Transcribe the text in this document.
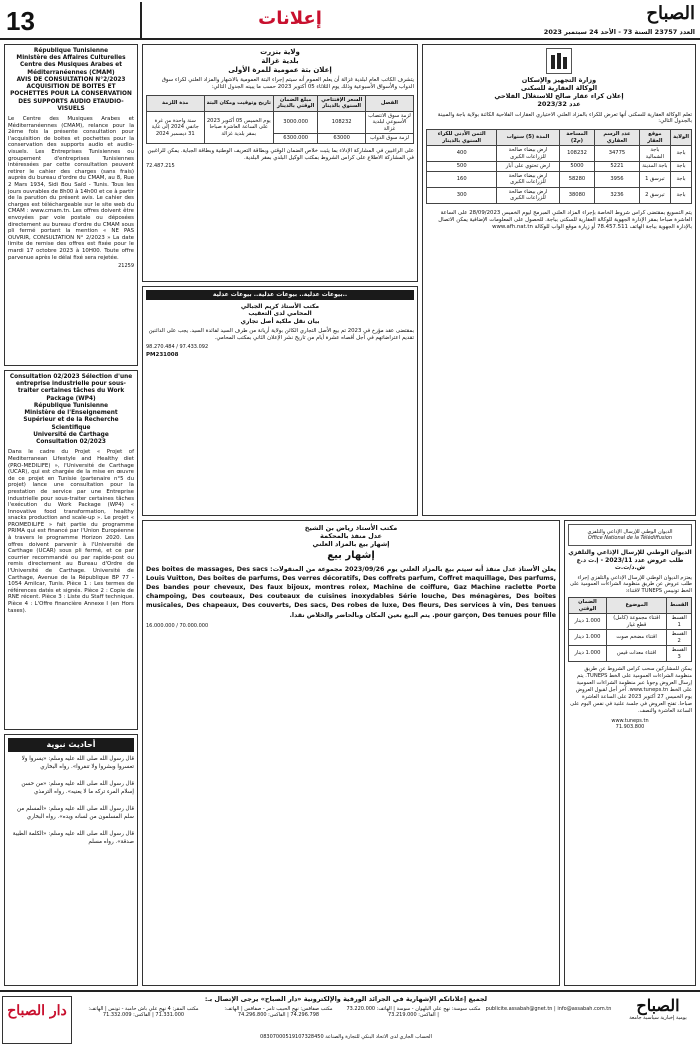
13	إعلانات	الصباح
العدد 23757 السنة 73 - الأحد 24 سبتمبر 2023
République Tunisienne
Ministère des Affaires Culturelles
Centre des Musiques Arabes et Méditerranéennes (CMAM)
AVIS DE CONSULTATION N°2/2023
ACQUISITION DE BOITES ET POCHETTES POUR LA CONSERVATION DES SUPPORTS AUDIO ETAUDIO-VISUELS
Le Centre des Musiques Arabes et Méditerranéennes (CMAM), relance pour la 2ème fois la présente consultation pour l'acquisition de boites et pochettes pour la conservation des supports audio et audio-visuels. Les Entreprises Tunisiennes ou groupement d'entreprises Tunisiennes intéressées par cette consultation peuvent retirer le cahier des charges (sans frais) auprès du bureau d'ordre du CMAM, au 8, Rue 2 Mars 1934, Sidi Bou Saïd - Tunis. Tous les jours ouvrables de 8h00 à 14h00 et ce à partir de la parution du présent avis. Le cahier des charges est téléchargeable sur le site web du CMAM : www.cmam.tn. Les offres doivent être envoyées par voie postale ou déposées directement au bureau d'ordre du CMAM sous pli fermé portant la mention « NE PAS OUVRIR, CONSULTATION N° 2/2023 » La date limite de remise des offres est fixée pour le mardi 17 octobre 2023 à 10H00. Toute offre parvenue après le délai fixé sera rejetée.
21259
Consultation 02/2023 Sélection d'une entreprise industrielle pour sous-traiter certaines tâches du Work Package (WP4)
République Tunisienne
Ministère de l'Enseignement Supérieur et de la Recherche Scientifique
Université de Carthage
Consultation 02/2023
Dans le cadre du Projet « Projet of Mediterranean Lifestyle and Healthy diet (PRO-MEDILIFE) », l'Université de Carthage (UCAR), qui est chargée de la mise en œuvre de ce projet en Tunisie (partenaire n°5 du projet) lance une consultation pour la prestation de service par une Entreprise industrielle pour sous-traiter certaines tâches l'exécution du Work Package (WP4) « Innovative food transformation, healthy snacks production and scale-up ». Le projet « PROMEDILIFE » fait partie du programme PRIMA qui est financé par l'Union Européenne à travers le programme Horizon 2020. Les offres doivent parvenir à l'Université de Carthage (UCAR) sous pli fermé, et ce par courrier recommandé ou par rapide-post ou remis directement au Bureau d'Ordre de l'Université de Carthage. Université de Carthage, Avenue de la République BP 77 - 1054 Amilcar, Tunis. Pièce 1 : Les termes de références datés et signés. Pièce 2 : Copie de RNE récent. Pièce 3 : Liste du Staff technique. Pièce 4 : L'Offre financière Annexe I (en Hors taxes).
أحاديث نبوية

قال رسول الله صلى الله عليه وسلم: «يسروا ولا تعسروا وبشروا ولا تنفروا». رواه البخاري

قال رسول الله صلى الله عليه وسلم: «من حسن إسلام المرء تركه ما لا يعنيه». رواه الترمذي

قال رسول الله صلى الله عليه وسلم: «المسلم من سلم المسلمون من لسانه ويده». رواه البخاري

قال رسول الله صلى الله عليه وسلم: «الكلمة الطيبة صدقة». رواه مسلم

ولاية بنزرت
بلدية غزالة
إعلان بتة عمومية للمرة الأولى
يتشرف الكاتب العام لبلدية غزالة أن يعلم العموم أنه سيتم إجراء البتة العمومية بالاشهار والمزاد العلني لكراء سوق الدواب والأسواق الأسبوعية وذلك يوم الثلاثاء 05 أكتوبر 2023 حسب ما يبينه الجدول التالي:
الفصل	السعر الإفتتاحي السنوي بالدينار	مبلغ الضمان الوقتي بالدينار	تاريخ وتوقيت ومكان البتة	مدة اللزمة
لزمة سوق الانتصاب الأسبوعي لبلدية غزالة	108232	3000.000	يوم الخميس 05 أكتوبر 2023 على الساعة العاشرة صباحا بمقر بلدية غزالة	سنة واحدة من غرة جانفي 2024 إلى غاية 31 ديسمبر 2024
لزمة سوق الدواب	63000	6300.000		
على الراغبين في المشاركة الإدلاء بما يثبت خلاص الضمان الوقتي وبطاقة التعريف الوطنية وبطاقة الجباية. يمكن للراغبين في المشاركة الاطلاع على كراس الشروط بمكتب الوكيل البلدي بمقر البلدية.
72.487.215
بيوعات عدلية.. بيوعات عدلية.. بيوعات عدلية..
مكتب الأستاذ كريم الجبالي
المحامي لدى التعقيب
بيان نقل ملكية أصل تجاري
بمقتضى عقد مؤرخ في 2023 تم بيع الأصل التجاري الكائن بولاية أريانة من طرف السيد لفائدة السيد. يجب على الدائنين تقديم اعتراضاتهم في أجل أقصاه عشرة أيام من تاريخ نشر الإعلان الثاني بمكتب المحامي.
98.270.484 / 97.433.092
PM231008
مكتب الأستاذ رياض بن الشيخ
عدل منفذ بالمحكمة
إشهار بيع بالمزاد العلني
إشهار بيع
يعلن الأستاذ عدل منفذ أنه سيتم بيع بالمزاد العلني يوم 2023/09/26 مجموعة من المنقولات: Des boites de massages, Des sacs Louis Vuitton, Des boites de parfums, Des verres décoratifs, Des coffrets parfum, Coffret maquillage, Des parfums, Des bandes pour cheveux, Des faux bijoux, montres rolex, Machine de coiffure, Gaz Machine raclette Porte champoing, Des couteaux, Des couteaux de cuisines inoxydables Série louche, Des ménagères, Des boites musicales, Des chapeaux, Des couverts, Des sacs, Des robes de luxe, Des fleurs, Des services à vin, Des tenues pour garçon, Des tenues pour fille. يتم البيع بعين المكان وبالحاضر والخلاص نقدا.
16.000.000 / 70.000.000
وزارة التجهيز والإسكان
الوكالة العقارية للسكنى
إعلان كراء عقار صالح للاستغلال الفلاحي
عدد 2023/32
تعلم الوكالة العقارية للسكنى أنها تعرض للكراء بالمزاد العلني الاختياري العقارات الفلاحية الكائنة بولاية باجة والمبينة بالجدول التالي:
الولاية	موقع العقار	عدد الرسم العقاري	المساحة (م2)	المدة (5) سنوات	الثمن الأدنى للكراء السنوي بالدينار
باجة	باجة الشمالية	34775	108232	ارض بيضاء صالحة للزراعات الكبرى	400
باجة	باجة المدينة	5221	5000	ارض تحتوي على آبار	500
باجة	تبرسق 1	3956	58280	ارض بيضاء صالحة للزراعات الكبرى	160
باجة	تبرسق 2	3236	38080	ارض بيضاء صالحة للزراعات الكبرى	300
يتم التسويغ بمقتضى كراس شروط الخاصة بإجراء المزاد العلني المبرمج ليوم الخميس 28/09/2023 على الساعة العاشرة صباحا بمقر الإدارة الجهوية للوكالة العقارية للسكنى بباجة. للحصول على المعلومات الإضافية يمكن الاتصال بالإدارة الجهوية بباجة الهاتف 78.457.511 أو زيارة موقع الواب للوكالة www.afh.nat.tn
الديوان الوطني للإرسال الإذاعي والتلفزي
Office National de la Télédiffusion
الديوان الوطني للإرسال الإذاعي والتلفزي
طلب عروض عدد 2023/11 - إ.ت د.ع ش.د/ت.ت
يعتزم الديوان الوطني للإرسال الإذاعي والتلفزي إجراء طلب عروض عن طريق منظومة الشراءات العمومية على الخط تونيبس TUNEPS لاقتناء:
القسط	الموضوع	الضمان الوقتي
القسط 1	اقتناء مجموعة (كامل) قطع غيار	1.000 دينار
القسط 2	اقتناء مضخم صوت	1.000 دينار
القسط 3	اقتناء معدات قيس	1.000 دينار
يمكن للمشاركين سحب كراس الشروط عن طريق منظومة الشراءات العمومية على الخط TUNEPS. يتم إرسال العروض وجوبا عبر منظومة الشراءات العمومية على الخط www.tuneps.tn. آخر أجل لقبول العروض يوم الخميس 27 أكتوبر 2023 على الساعة العاشرة صباحا. تفتح العروض في جلسة علنية في نفس اليوم على الساعة العاشرة والنصف.
www.tuneps.tn
71.903.800
دار الصباح
لجميع إعلاناتكم الإشهارية في الجرائد الورقية والإلكترونية «دار الصباح» يرجى الإتصال بـ:
مكتب المقر: 4 نهج علي باش حامبة - تونس | الهاتف: 71.331.000 | الفاكس: 71.332.009
مكتب صفاقس: نهج الحبيب ثامر - صفاقس | الهاتف: 74.296.798 | الفاكس: 74.296.800
مكتب سوسة: نهج علي البلهوان - سوسة | الهاتف: 73.220.000 | الفاكس: 73.219.000
publicite.assabah@gnet.tn | info@assabah.com.tn
الحساب الجاري لدى الاتحاد البنكي للتجارة والصناعة 08307000519107328450
الصباح
يومية إخبارية سياسية جامعة
